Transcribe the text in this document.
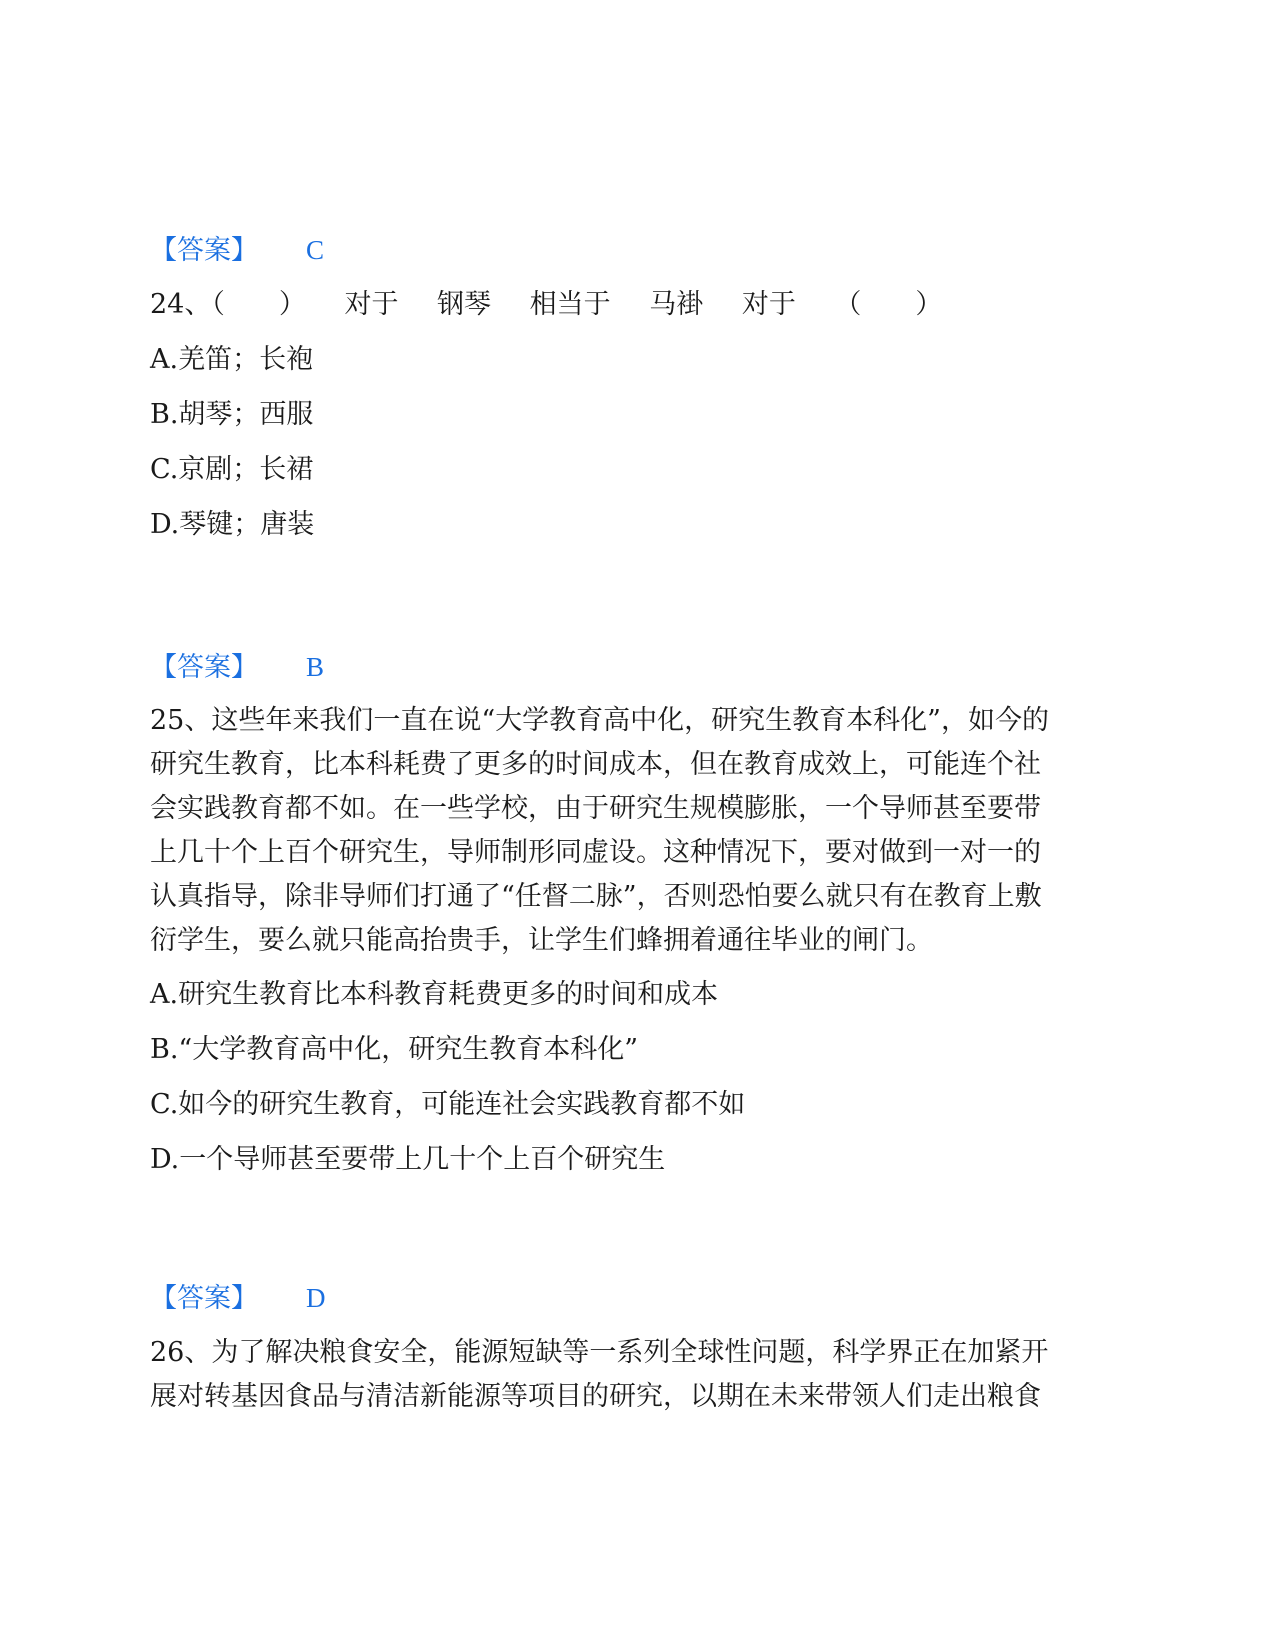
【答案】 C
24、（　　） 对于 钢琴 相当于 马褂 对于 （　　）
A.羌笛；长袍
B.胡琴；西服
C.京剧；长裙
D.琴键；唐装
【答案】 B
25、这些年来我们一直在说“大学教育高中化，研究生教育本科化”，如今的
研究生教育，比本科耗费了更多的时间成本，但在教育成效上，可能连个社
会实践教育都不如。在一些学校，由于研究生规模膨胀，一个导师甚至要带
上几十个上百个研究生，导师制形同虚设。这种情况下，要对做到一对一的
认真指导，除非导师们打通了“任督二脉”，否则恐怕要么就只有在教育上敷
衍学生，要么就只能高抬贵手，让学生们蜂拥着通往毕业的闸门。
A.研究生教育比本科教育耗费更多的时间和成本
B.“大学教育高中化，研究生教育本科化”
C.如今的研究生教育，可能连社会实践教育都不如
D.一个导师甚至要带上几十个上百个研究生
【答案】 D
26、为了解决粮食安全，能源短缺等一系列全球性问题，科学界正在加紧开
展对转基因食品与清洁新能源等项目的研究，以期在未来带领人们走出粮食
